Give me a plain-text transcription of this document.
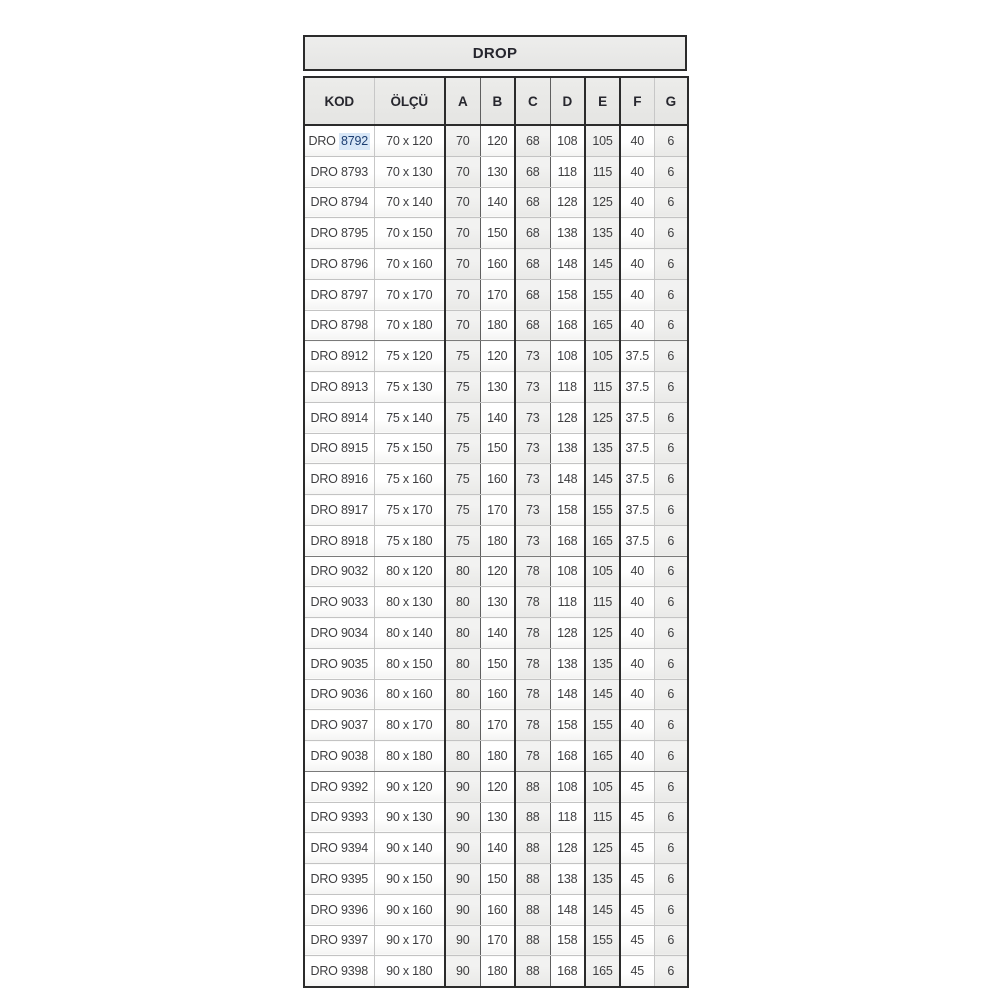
DROP
KOD	ÖLÇÜ	A	B	C	D	E	F	G
DRO 8792	70 x 120	70	120	68	108	105	40	6
DRO 8793	70 x 130	70	130	68	118	115	40	6
DRO 8794	70 x 140	70	140	68	128	125	40	6
DRO 8795	70 x 150	70	150	68	138	135	40	6
DRO 8796	70 x 160	70	160	68	148	145	40	6
DRO 8797	70 x 170	70	170	68	158	155	40	6
DRO 8798	70 x 180	70	180	68	168	165	40	6
DRO 8912	75 x 120	75	120	73	108	105	37.5	6
DRO 8913	75 x 130	75	130	73	118	115	37.5	6
DRO 8914	75 x 140	75	140	73	128	125	37.5	6
DRO 8915	75 x 150	75	150	73	138	135	37.5	6
DRO 8916	75 x 160	75	160	73	148	145	37.5	6
DRO 8917	75 x 170	75	170	73	158	155	37.5	6
DRO 8918	75 x 180	75	180	73	168	165	37.5	6
DRO 9032	80 x 120	80	120	78	108	105	40	6
DRO 9033	80 x 130	80	130	78	118	115	40	6
DRO 9034	80 x 140	80	140	78	128	125	40	6
DRO 9035	80 x 150	80	150	78	138	135	40	6
DRO 9036	80 x 160	80	160	78	148	145	40	6
DRO 9037	80 x 170	80	170	78	158	155	40	6
DRO 9038	80 x 180	80	180	78	168	165	40	6
DRO 9392	90 x 120	90	120	88	108	105	45	6
DRO 9393	90 x 130	90	130	88	118	115	45	6
DRO 9394	90 x 140	90	140	88	128	125	45	6
DRO 9395	90 x 150	90	150	88	138	135	45	6
DRO 9396	90 x 160	90	160	88	148	145	45	6
DRO 9397	90 x 170	90	170	88	158	155	45	6
DRO 9398	90 x 180	90	180	88	168	165	45	6
